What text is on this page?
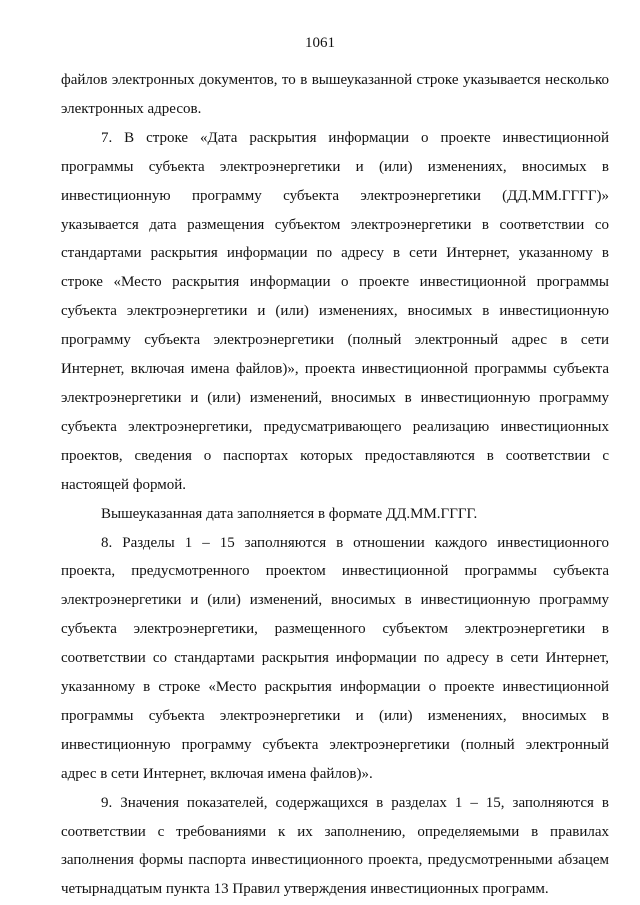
1061

файлов электронных документов, то в вышеуказанной строке указывается несколько
электронных адресов.

7. В строке «Дата раскрытия информации о проекте инвестиционной
программы субъекта электроэнергетики и (или) изменениях, вносимых в
инвестиционную программу субъекта электроэнергетики (ДД.ММ.ГГГГ)»
указывается дата размещения субъектом электроэнергетики в соответствии со
стандартами раскрытия информации по адресу в сети Интернет, указанному в
строке «Место раскрытия информации о проекте инвестиционной программы
субъекта электроэнергетики и (или) изменениях, вносимых в инвестиционную
программу субъекта электроэнергетики (полный электронный адрес в сети
Интернет, включая имена файлов)», проекта инвестиционной программы субъекта
электроэнергетики и (или) изменений, вносимых в инвестиционную программу
субъекта электроэнергетики, предусматривающего реализацию инвестиционных
проектов, сведения о паспортах которых предоставляются в соответствии с
настоящей формой.

Вышеуказанная дата заполняется в формате ДД.ММ.ГГГГ.

8. Разделы 1 – 15 заполняются в отношении каждого инвестиционного
проекта, предусмотренного проектом инвестиционной программы субъекта
электроэнергетики и (или) изменений, вносимых в инвестиционную программу
субъекта электроэнергетики, размещенного субъектом электроэнергетики в
соответствии со стандартами раскрытия информации по адресу в сети Интернет,
указанному в строке «Место раскрытия информации о проекте инвестиционной
программы субъекта электроэнергетики и (или) изменениях, вносимых в
инвестиционную программу субъекта электроэнергетики (полный электронный
адрес в сети Интернет, включая имена файлов)».

9. Значения показателей, содержащихся в разделах 1 – 15, заполняются в
соответствии с требованиями к их заполнению, определяемыми в правилах
заполнения формы паспорта инвестиционного проекта, предусмотренными абзацем
четырнадцатым пункта 13 Правил утверждения инвестиционных программ.
